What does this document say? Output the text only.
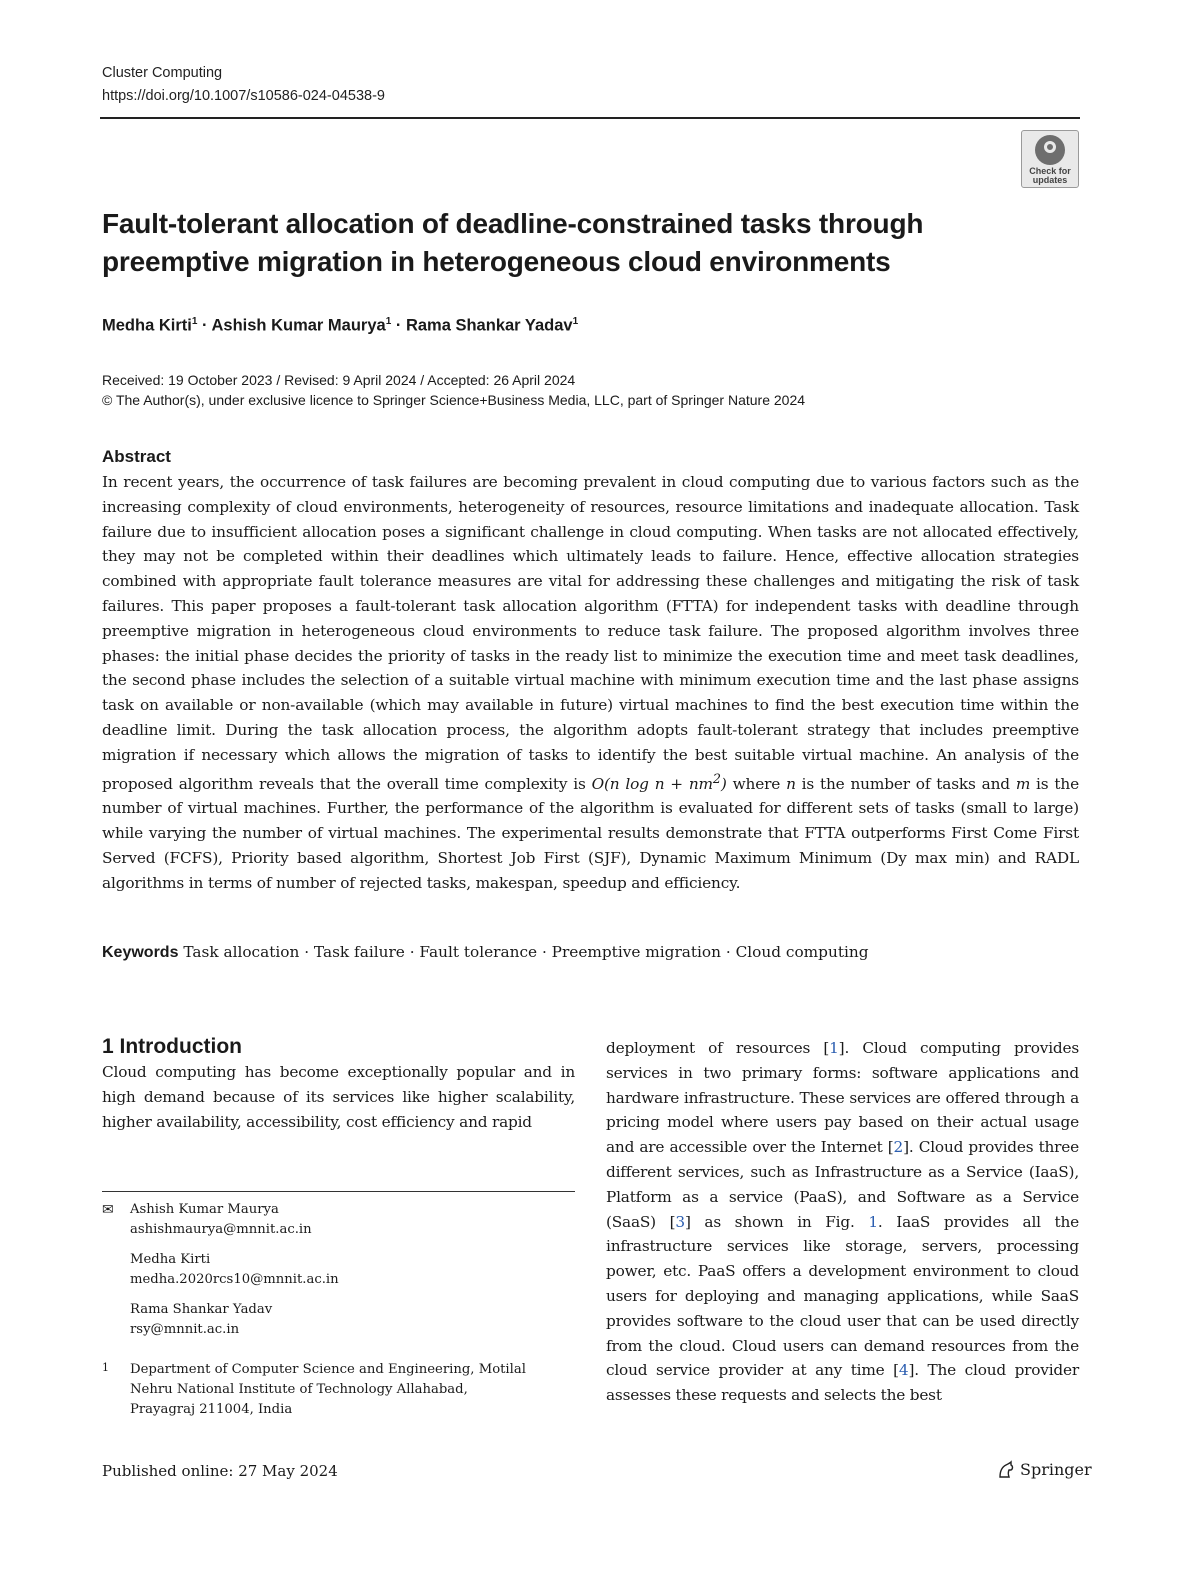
Cluster Computing
https://doi.org/10.1007/s10586-024-04538-9
Check for
updates
Fault-tolerant allocation of deadline-constrained tasks through
preemptive migration in heterogeneous cloud environments
Medha Kirti$^1$ · Ashish Kumar Maurya$^1$ · Rama Shankar Yadav$^1$
Received: 19 October 2023 / Revised: 9 April 2024 / Accepted: 26 April 2024
© The Author(s), under exclusive licence to Springer Science+Business Media, LLC, part of Springer Nature 2024
Abstract
In recent years, the occurrence of task failures are becoming prevalent in cloud computing due to various factors such as the increasing complexity of cloud environments, heterogeneity of resources, resource limitations and inadequate allocation. Task failure due to insufficient allocation poses a significant challenge in cloud computing. When tasks are not allocated effectively, they may not be completed within their deadlines which ultimately leads to failure. Hence, effective allocation strategies combined with appropriate fault tolerance measures are vital for addressing these challenges and mitigating the risk of task failures. This paper proposes a fault-tolerant task allocation algorithm (FTTA) for independent tasks with deadline through preemptive migration in heterogeneous cloud environments to reduce task failure. The proposed algorithm involves three phases: the initial phase decides the priority of tasks in the ready list to minimize the execution time and meet task deadlines, the second phase includes the selection of a suitable virtual machine with minimum execution time and the last phase assigns task on available or non-available (which may available in future) virtual machines to find the best execution time within the deadline limit. During the task allocation process, the algorithm adopts fault-tolerant strategy that includes preemptive migration if necessary which allows the migration of tasks to identify the best suitable virtual machine. An analysis of the proposed algorithm reveals that the overall time complexity is O(n $\log n + nm^2$) where n is the number of tasks and m is the number of virtual machines. Further, the performance of the algorithm is evaluated for different sets of tasks (small to large) while varying the number of virtual machines. The experimental results demonstrate that FTTA outperforms First Come First Served (FCFS), Priority based algorithm, Shortest Job First (SJF), Dynamic Maximum Minimum (Dy max min) and RADL algorithms in terms of number of rejected tasks, makespan, speedup and efficiency.
Keywords Task allocation · Task failure · Fault tolerance · Preemptive migration · Cloud computing
1 Introduction
Cloud computing has become exceptionally popular and in high demand because of its services like higher scalability, higher availability, accessibility, cost efficiency and rapid
deployment of resources [1]. Cloud computing provides services in two primary forms: software applications and hardware infrastructure. These services are offered through a pricing model where users pay based on their actual usage and are accessible over the Internet [2]. Cloud provides three different services, such as Infrastructure as a Service (IaaS), Platform as a service (PaaS), and Software as a Service (SaaS) [3] as shown in Fig. 1. IaaS provides all the infrastructure services like storage, servers, processing power, etc. PaaS offers a development environment to cloud users for deploying and managing applications, while SaaS provides software to the cloud user that can be used directly from the cloud. Cloud users can demand resources from the cloud service provider at any time [4]. The cloud provider assesses these requests and selects the best
✉ Ashish Kumar Maurya
ashishmaurya@mnnit.ac.in
Medha Kirti
medha.2020rcs10@mnnit.ac.in
Rama Shankar Yadav
rsy@mnnit.ac.in
1 Department of Computer Science and Engineering, Motilal
Nehru National Institute of Technology Allahabad,
Prayagraj 211004, India
Published online: 27 May 2024	Springer
